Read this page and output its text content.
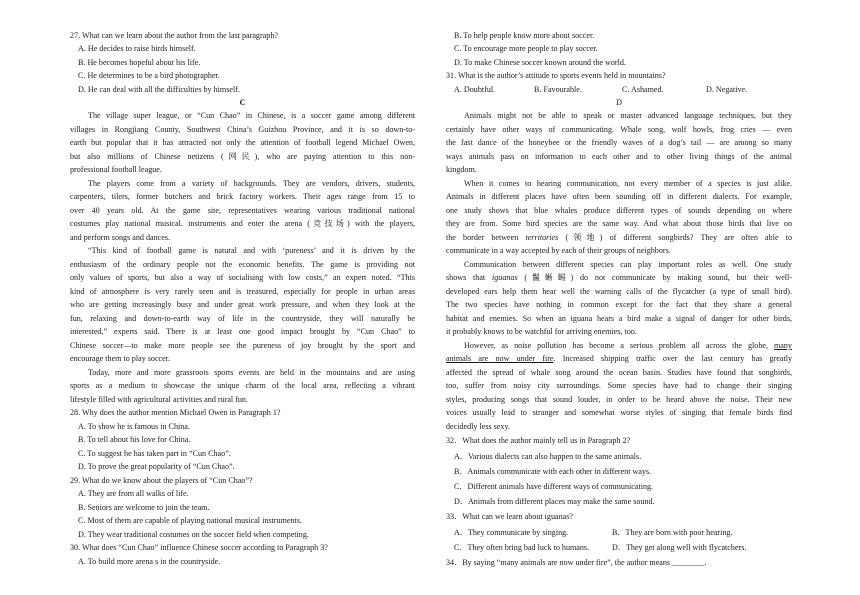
27. What can we learn about the author from the last paragraph?
A. He decides to raise birds himself.
B. He becomes hopeful about his life.
C. He determines to be a bird photographer.
D. He can deal with all the difficulties by himself.
C
The village super league, or “Cun Chao” in Chinese, is a soccer game among different
villages in Rongjiang County, Southwest China’s Guizhou Province, and it is so down-to-
earth but popular that it has attracted not only the attention of football legend Michael Owen,
but also millions of Chinese netizens (网民), who are paying attention to this non-
professional football league.
The players come from a variety of backgrounds. They are vendors, drivers, students,
carpenters, tilers, former butchers and brick factory workers. Their ages range from 15 to
over 40 years old. At the game site, representatives wearing various traditional national
costumes play national musical. instruments and enter the arena (竞技场) with the players,
and perform songs and dances.
“This kind of football game is natural and with ‘pureness’ and it is driven by the
enthusiasm of the ordinary people not the economic benefits. The game is providing not
only values of sports, but also a way of socialising with low costs,” an expert noted. “This
kind of atmosphere is very rarely seen and is treasured, especially for people in urban areas
who are getting increasingly busy and under great work pressure, and when they look at the
fun, relaxing and down-to-earth way of life in the countryside, they will naturally be
interested,” experts said. There is at least one good impact brought by “Cun Chao” to
Chinese soccer—to make more people see the pureness of joy brought by the sport and
encourage them to play soccer.
Today, more and more grassroots sports events are held in the mountains and are using
sports as a medium to showcase the unique charm of the local area, reflecting a vibrant
lifestyle filled with agricultural activities and rural fun.
28. Why does the author mention Michael Owen in Paragraph 1?
A. To show he is famous in China.
B. To tell about his love for China.
C. To suggest he has taken part in “Cun Chao”.
D. To prove the great popularity of “Cun Chao”.
29. What do we know about the players of “Cun Chao”?
A. They are from all walks of life.
B. Seniors are welcome to join the team.
C. Most of them are capable of playing national musical instruments.
D. They wear traditional costumes on the soccer field when competing.
30. What does “Cun Chao” influence Chinese soccer according to Paragraph 3?
A. To build more arena s in the countryside.
B. To help people know more about soccer.
C. To encourage more people to play soccer.
D. To make Chinese soccer known around the world.
31. What is the author’s attitude to sports events held in mountains?
A. Doubtful.	B. Favourable.	C. Ashamed.	D. Negative.
D
Animals might not be able to speak or master advanced language techniques, but they
certainly have other ways of communicating. Whale song, wolf howls, frog cries — even
the fast dance of the honeybee or the friendly waves of a dog’s tail — are among so many
ways animals pass on information to each other and to other living things of the animal
kingdom.
When it comes to hearing communication, not every member of a species is just alike.
Animals in different places have often been sounding off in different dialects. For example,
one study shows that blue whales produce different types of sounds depending on where
they are from. Some bird species are the same way. And what about those birds that live on
the border between territories (领地) of different songbirds? They are often able to
communicate in a way accepted by each of their groups of neighbors.
Communication between different species can play important roles as well. One study
shows that iguanas (鬣蜥蜴) do not communicate by making sound, but their well-
developed ears help them hear well the warning calls of the flycatcher (a type of small bird).
The two species have nothing in common except for the fact that they share a general
habitat and enemies. So when an iguana hears a bird make a signal of danger for other birds,
it probably knows to be watchful for arriving enemies, too.
However, as noise pollution has become a serious problem all across the globe, many
animals are now under fire. Increased shipping traffic over the last century has greatly
affected the spread of whale song around the ocean basin. Studies have found that songbirds,
too, suffer from noisy city surroundings. Some species have had to change their singing
styles, producing songs that sound louder, in order to be heard above the noise. Their new
voices usually lead to stranger and somewhat worse styles of singing that female birds find
decidedly less sexy.
32．What does the author mainly tell us in Paragraph 2?
A．Various dialects can also happen to the same animals.
B．Animals communicate with each other in different ways.
C．Different animals have different ways of communicating.
D．Animals from different places may make the same sound.
33．What can we learn about iguanas?
A．They communicate by singing.	B．They are born with poor hearing.
C．They often bring bad luck to humans.	D．They get along well with flycatchers.
34．By saying “many animals are now under fire”, the author means ________.
